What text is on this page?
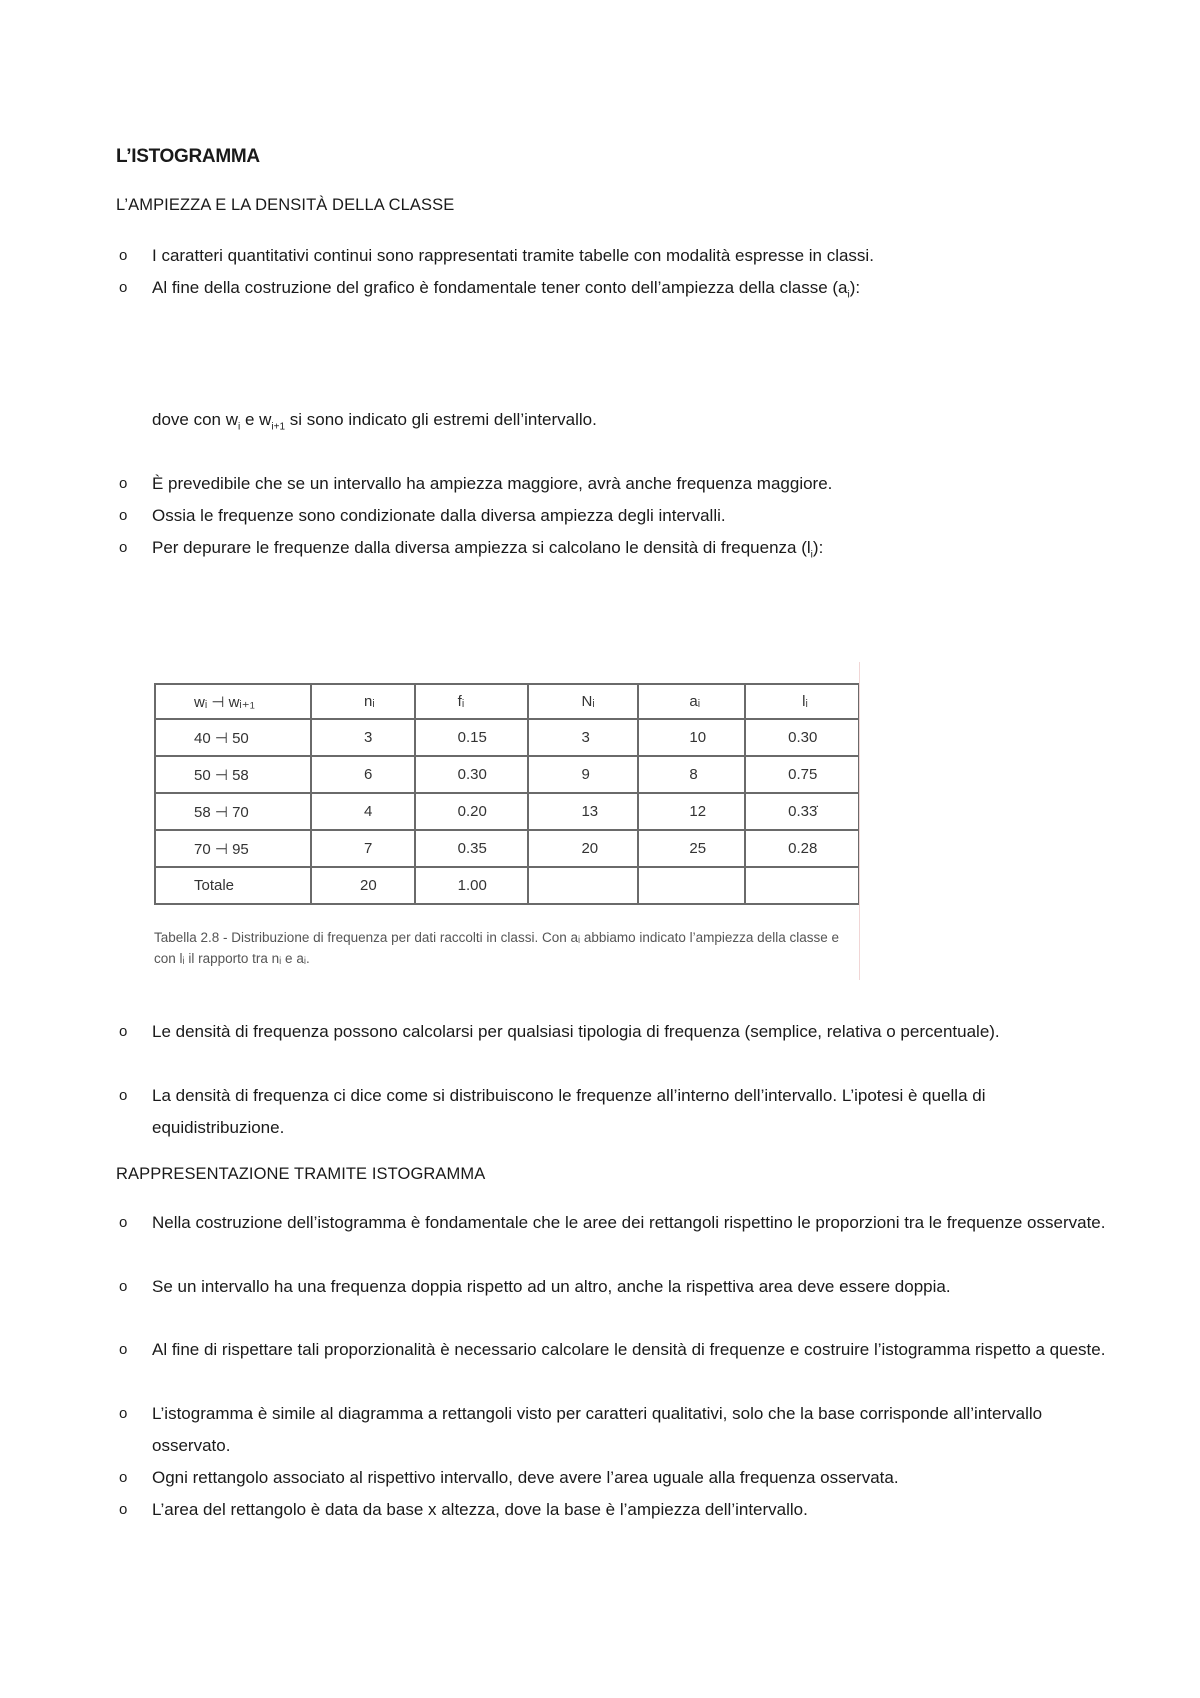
L’ISTOGRAMMA
L’AMPIEZZA E LA DENSITÀ DELLA CLASSE
o	I caratteri quantitativi continui sono rappresentati tramite tabelle con modalità espresse in classi.
o	Al fine della costruzione del grafico è fondamentale tener conto dell’ampiezza della classe $(a_i)$:
dove con $w_i$ e $w_{i+1}$ si sono indicato gli estremi dell’intervallo.
o	È prevedibile che se un intervallo ha ampiezza maggiore, avrà anche frequenza maggiore.
o	Ossia le frequenze sono condizionate dalla diversa ampiezza degli intervalli.
o	Per depurare le frequenze dalla diversa ampiezza si calcolano le densità di frequenza $(l_i)$:
wᵢ ⊣ wᵢ₊₁	nᵢ	fᵢ	Nᵢ	aᵢ	lᵢ
40 ⊣ 50	3	0.15	3	10	0.30
50 ⊣ 58	6	0.30	9	8	0.75
58 ⊣ 70	4	0.20	13	12	0.33̇
70 ⊣ 95	7	0.35	20	25	0.28
Totale	20	1.00			
Tabella 2.8 - Distribuzione di frequenza per dati raccolti in classi. Con aᵢ abbiamo indicato l’ampiezza della classe e con lᵢ il rapporto tra nᵢ e aᵢ.
o	Le densità di frequenza possono calcolarsi per qualsiasi tipologia di frequenza (semplice, relativa o percentuale).
o	La densità di frequenza ci dice come si distribuiscono le frequenze all’interno dell’intervallo. L’ipotesi è quella di equidistribuzione.
RAPPRESENTAZIONE TRAMITE ISTOGRAMMA
o	Nella costruzione dell’istogramma è fondamentale che le aree dei rettangoli rispettino le proporzioni tra le frequenze osservate.
o	Se un intervallo ha una frequenza doppia rispetto ad un altro, anche la rispettiva area deve essere doppia.
o	Al fine di rispettare tali proporzionalità è necessario calcolare le densità di frequenze e costruire l’istogramma rispetto a queste.
o	L’istogramma è simile al diagramma a rettangoli visto per caratteri qualitativi, solo che la base corrisponde all’intervallo osservato.
o	Ogni rettangolo associato al rispettivo intervallo, deve avere l’area uguale alla frequenza osservata.
o	L’area del rettangolo è data da base x altezza, dove la base è l’ampiezza dell’intervallo.
